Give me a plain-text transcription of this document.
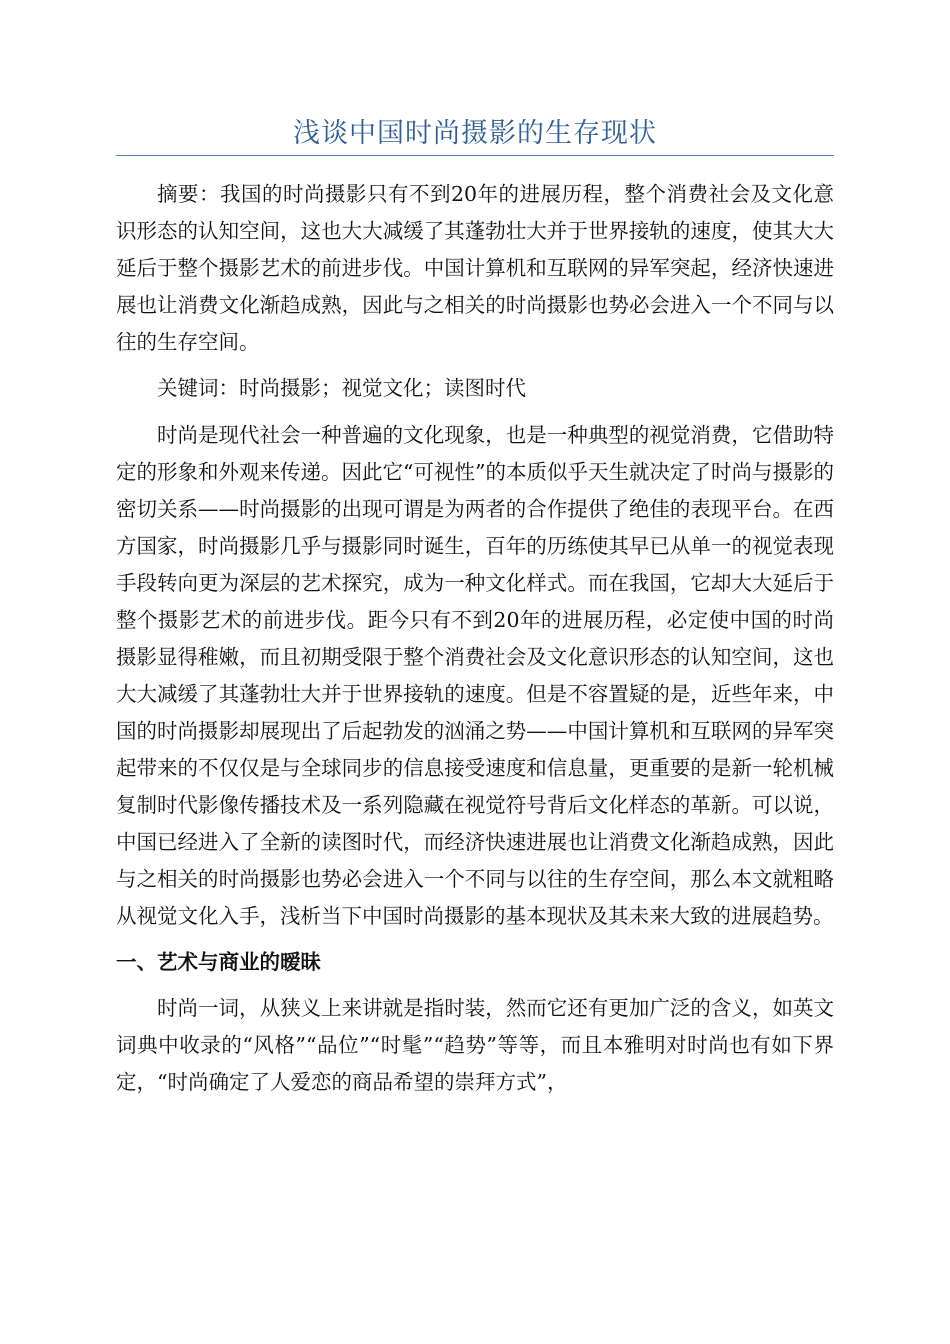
浅谈中国时尚摄影的生存现状

摘要：我国的时尚摄影只有不到20年的进展历程，整个消费社会及文化意识形态的认知空间，这也大大减缓了其蓬勃壮大并于世界接轨的速度，使其大大延后于整个摄影艺术的前进步伐。中国计算机和互联网的异军突起，经济快速进展也让消费文化渐趋成熟，因此与之相关的时尚摄影也势必会进入一个不同与以往的生存空间。

关键词：时尚摄影；视觉文化；读图时代

时尚是现代社会一种普遍的文化现象，也是一种典型的视觉消费，它借助特定的形象和外观来传递。因此它“可视性”的本质似乎天生就决定了时尚与摄影的密切关系——时尚摄影的出现可谓是为两者的合作提供了绝佳的表现平台。在西方国家，时尚摄影几乎与摄影同时诞生，百年的历练使其早已从单一的视觉表现手段转向更为深层的艺术探究，成为一种文化样式。而在我国，它却大大延后于整个摄影艺术的前进步伐。距今只有不到20年的进展历程，必定使中国的时尚摄影显得稚嫩，而且初期受限于整个消费社会及文化意识形态的认知空间，这也大大减缓了其蓬勃壮大并于世界接轨的速度。但是不容置疑的是，近些年来，中国的时尚摄影却展现出了后起勃发的汹涌之势——中国计算机和互联网的异军突起带来的不仅仅是与全球同步的信息接受速度和信息量，更重要的是新一轮机械复制时代影像传播技术及一系列隐藏在视觉符号背后文化样态的革新。可以说，中国已经进入了全新的读图时代，而经济快速进展也让消费文化渐趋成熟，因此与之相关的时尚摄影也势必会进入一个不同与以往的生存空间，那么本文就粗略从视觉文化入手，浅析当下中国时尚摄影的基本现状及其未来大致的进展趋势。

一、艺术与商业的暧昧

时尚一词，从狭义上来讲就是指时装，然而它还有更加广泛的含义，如英文词典中收录的“风格”“品位”“时髦”“趋势”等等，而且本雅明对时尚也有如下界定，“时尚确定了人爱恋的商品希望的崇拜方式”，
